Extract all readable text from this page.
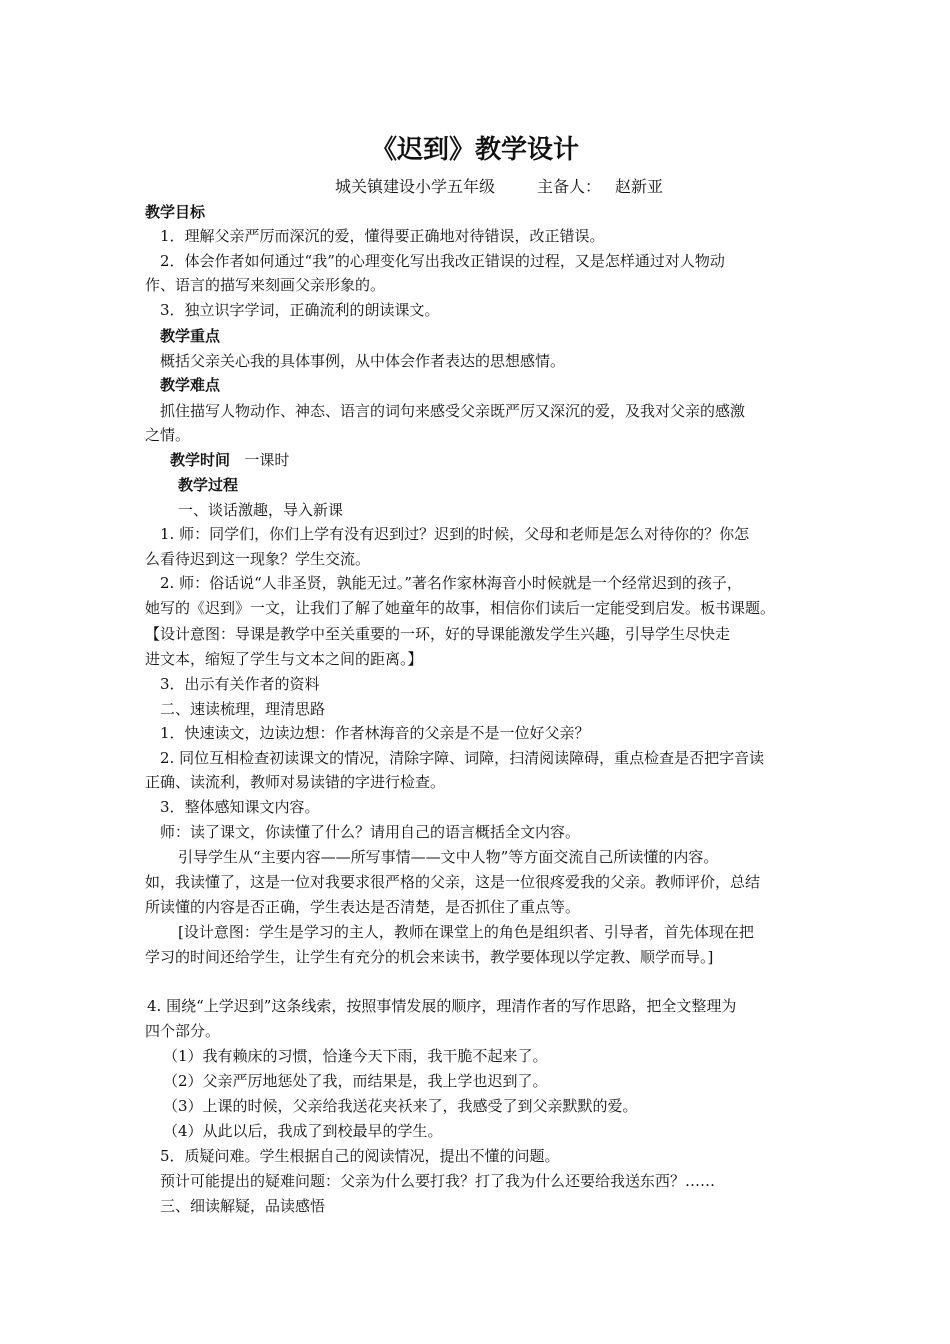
《迟到》教学设计
城关镇建设小学五年级	主备人： 赵新亚
教学目标
1．理解父亲严厉而深沉的爱，懂得要正确地对待错误，改正错误。
2．体会作者如何通过“我”的心理变化写出我改正错误的过程，又是怎样通过对人物动
作、语言的描写来刻画父亲形象的。
3．独立识字学词，正确流利的朗读课文。
教学重点
概括父亲关心我的具体事例，从中体会作者表达的思想感情。
教学难点
抓住描写人物动作、神态、语言的词句来感受父亲既严厉又深沉的爱，及我对父亲的感激
之情。
教学时间 一课时
教学过程
一、谈话激趣，导入新课
1. 师：同学们，你们上学有没有迟到过？迟到的时候，父母和老师是怎么对待你的？你怎
么看待迟到这一现象？学生交流。
2. 师：俗话说“人非圣贤，孰能无过。”著名作家林海音小时候就是一个经常迟到的孩子，
她写的《迟到》一文，让我们了解了她童年的故事，相信你们读后一定能受到启发。板书课题。
【设计意图：导课是教学中至关重要的一环，好的导课能激发学生兴趣，引导学生尽快走
进文本，缩短了学生与文本之间的距离。】
3．出示有关作者的资料
二、速读梳理，理清思路
1．快速读文，边读边想：作者林海音的父亲是不是一位好父亲？
2. 同位互相检查初读课文的情况，清除字障、词障，扫清阅读障碍，重点检查是否把字音读
正确、读流利，教师对易读错的字进行检查。
3．整体感知课文内容。
师：读了课文，你读懂了什么？请用自己的语言概括全文内容。
引导学生从“主要内容——所写事情——文中人物”等方面交流自己所读懂的内容。
如，我读懂了，这是一位对我要求很严格的父亲，这是一位很疼爱我的父亲。教师评价，总结
所读懂的内容是否正确，学生表达是否清楚，是否抓住了重点等。
[设计意图：学生是学习的主人，教师在课堂上的角色是组织者、引导者，首先体现在把
学习的时间还给学生，让学生有充分的机会来读书，教学要体现以学定教、顺学而导。]
4. 围绕“上学迟到”这条线索，按照事情发展的顺序，理清作者的写作思路，把全文整理为
四个部分。
（1）我有赖床的习惯，恰逢今天下雨，我干脆不起来了。
（2）父亲严厉地惩处了我，而结果是，我上学也迟到了。
（3）上课的时候，父亲给我送花夹袄来了，我感受了到父亲默默的爱。
（4）从此以后，我成了到校最早的学生。
5．质疑问难。学生根据自己的阅读情况，提出不懂的问题。
预计可能提出的疑难问题：父亲为什么要打我？打了我为什么还要给我送东西？……
三、细读解疑，品读感悟
